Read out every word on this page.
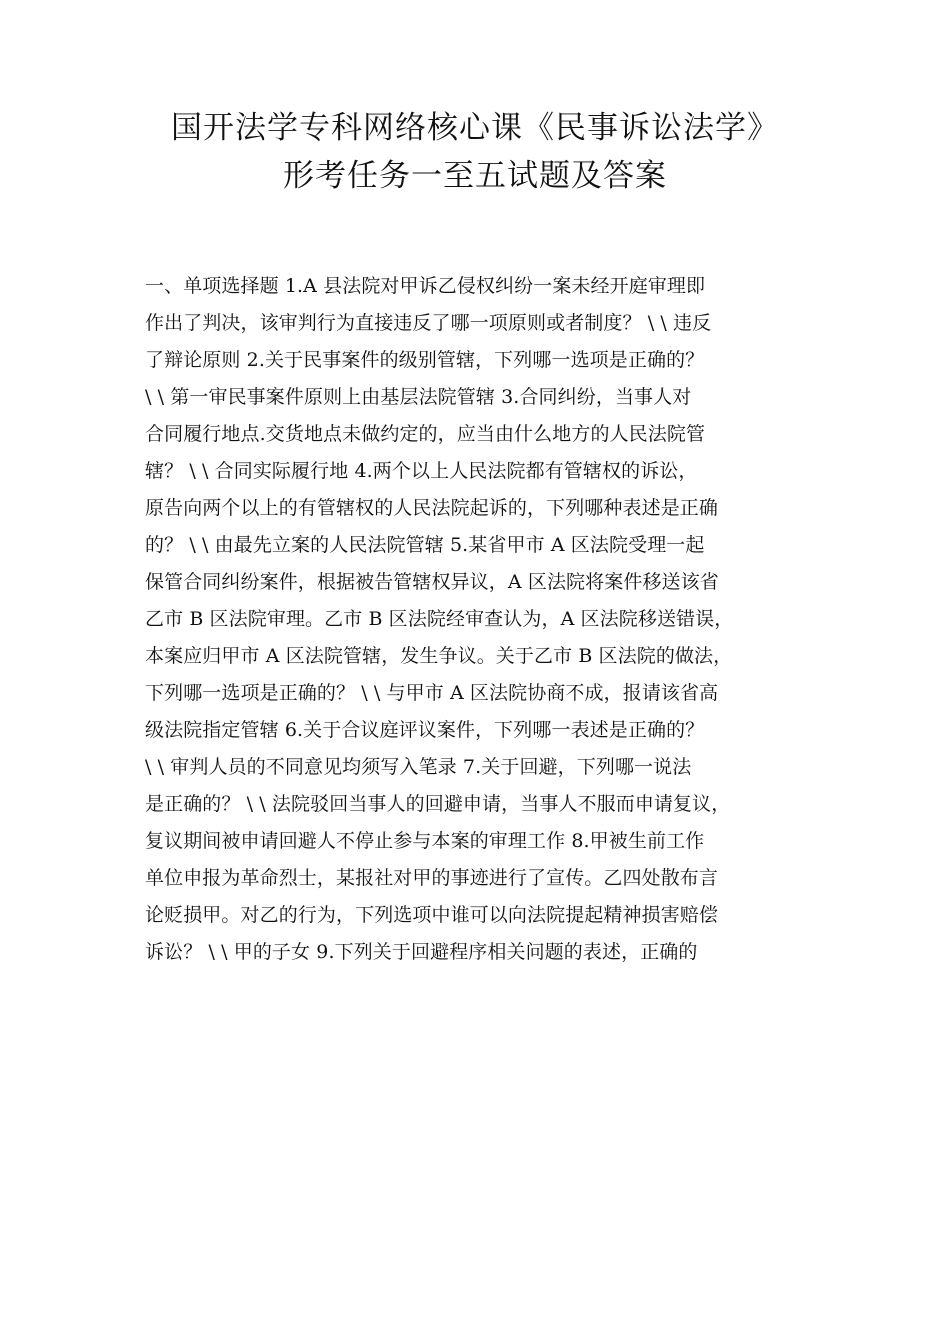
国开法学专科网络核心课《民事诉讼法学》
形考任务一至五试题及答案
一、单项选择题 1.A 县法院对甲诉乙侵权纠纷一案未经开庭审理即
作出了判决，该审判行为直接违反了哪一项原则或者制度？ \ \ 违反
了辩论原则 2.关于民事案件的级别管辖，下列哪一选项是正确的？
\ \ 第一审民事案件原则上由基层法院管辖 3.合同纠纷，当事人对
合同履行地点.交货地点未做约定的，应当由什么地方的人民法院管
辖？ \ \ 合同实际履行地 4.两个以上人民法院都有管辖权的诉讼，
原告向两个以上的有管辖权的人民法院起诉的，下列哪种表述是正确
的？ \ \ 由最先立案的人民法院管辖 5.某省甲市 A 区法院受理一起
保管合同纠纷案件，根据被告管辖权异议，A 区法院将案件移送该省
乙市 B 区法院审理。乙市 B 区法院经审查认为，A 区法院移送错误，
本案应归甲市 A 区法院管辖，发生争议。关于乙市 B 区法院的做法，
下列哪一选项是正确的？ \ \ 与甲市 A 区法院协商不成，报请该省高
级法院指定管辖 6.关于合议庭评议案件，下列哪一表述是正确的？
\ \ 审判人员的不同意见均须写入笔录 7.关于回避，下列哪一说法
是正确的？ \ \ 法院驳回当事人的回避申请，当事人不服而申请复议，
复议期间被申请回避人不停止参与本案的审理工作 8.甲被生前工作
单位申报为革命烈士，某报社对甲的事迹进行了宣传。乙四处散布言
论贬损甲。对乙的行为，下列选项中谁可以向法院提起精神损害赔偿
诉讼？ \ \ 甲的子女 9.下列关于回避程序相关问题的表述，正确的
